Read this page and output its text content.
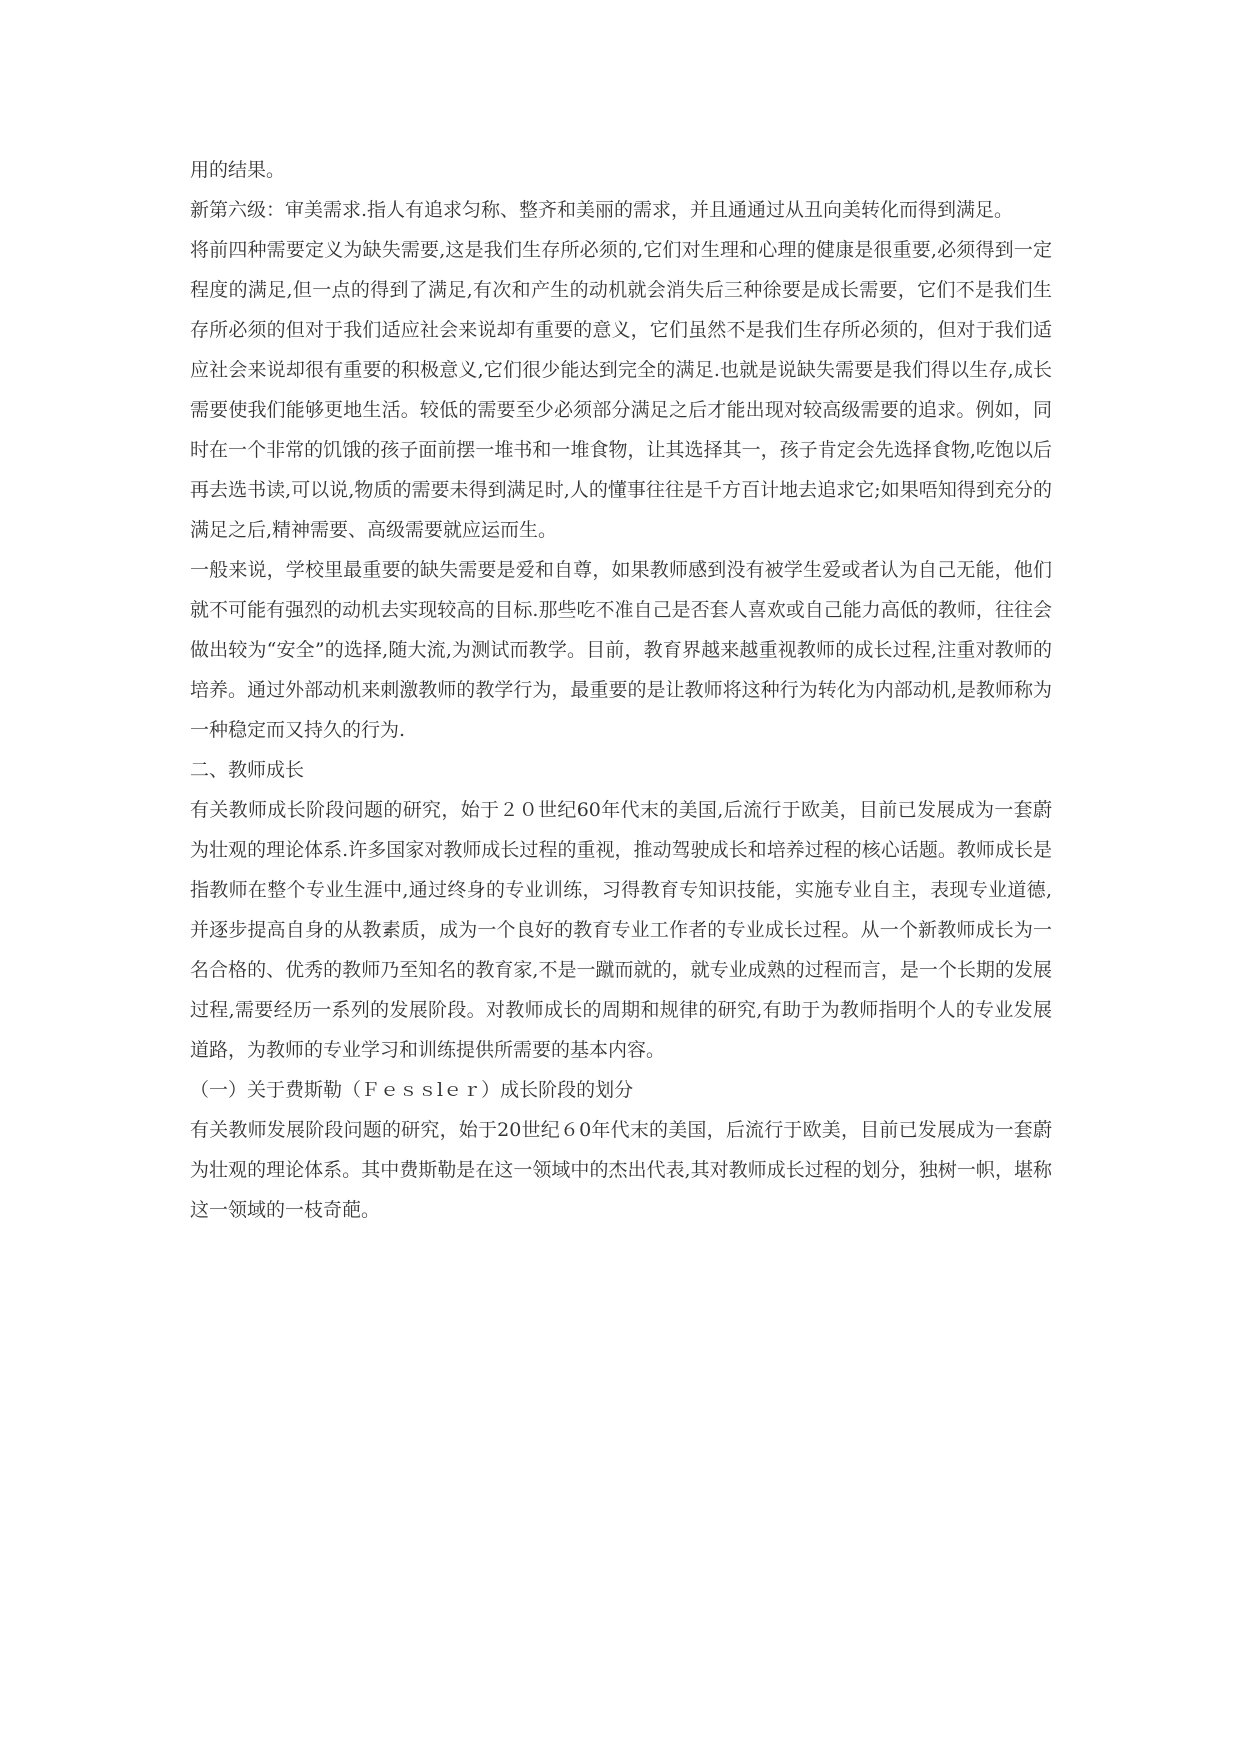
用的结果。

新第六级：审美需求.指人有追求匀称、整齐和美丽的需求，并且通通过从丑向美转化而得到满足。

将前四种需要定义为缺失需要,这是我们生存所必须的,它们对生理和心理的健康是很重要,必须得到一定程度的满足,但一点的得到了满足,有次和产生的动机就会消失后三种徐要是成长需要，它们不是我们生存所必须的但对于我们适应社会来说却有重要的意义，它们虽然不是我们生存所必须的，但对于我们适应社会来说却很有重要的积极意义,它们很少能达到完全的满足.也就是说缺失需要是我们得以生存,成长需要使我们能够更地生活。较低的需要至少必须部分满足之后才能出现对较高级需要的追求。例如，同时在一个非常的饥饿的孩子面前摆一堆书和一堆食物，让其选择其一，孩子肯定会先选择食物,吃饱以后再去选书读,可以说,物质的需要未得到满足时,人的懂事往往是千方百计地去追求它;如果唔知得到充分的满足之后,精神需要、高级需要就应运而生。

一般来说，学校里最重要的缺失需要是爱和自尊，如果教师感到没有被学生爱或者认为自己无能，他们就不可能有强烈的动机去实现较高的目标.那些吃不准自己是否套人喜欢或自己能力高低的教师，往往会做出较为“安全”的选择,随大流,为测试而教学。目前，教育界越来越重视教师的成长过程,注重对教师的培养。通过外部动机来刺激教师的教学行为，最重要的是让教师将这种行为转化为内部动机,是教师称为一种稳定而又持久的行为.

二、教师成长

有关教师成长阶段问题的研究，始于２０世纪60年代末的美国,后流行于欧美，目前已发展成为一套蔚为壮观的理论体系.许多国家对教师成长过程的重视，推动驾驶成长和培养过程的核心话题。教师成长是指教师在整个专业生涯中,通过终身的专业训练，习得教育专知识技能，实施专业自主，表现专业道德,并逐步提高自身的从教素质，成为一个良好的教育专业工作者的专业成长过程。从一个新教师成长为一名合格的、优秀的教师乃至知名的教育家,不是一蹴而就的，就专业成熟的过程而言，是一个长期的发展过程,需要经历一系列的发展阶段。对教师成长的周期和规律的研究,有助于为教师指明个人的专业发展道路，为教师的专业学习和训练提供所需要的基本内容。

（一）关于费斯勒（Ｆｅｓｓlｅｒ）成长阶段的划分

有关教师发展阶段问题的研究，始于20世纪６0年代末的美国，后流行于欧美，目前已发展成为一套蔚为壮观的理论体系。其中费斯勒是在这一领域中的杰出代表,其对教师成长过程的划分，独树一帜，堪称这一领域的一枝奇葩。
